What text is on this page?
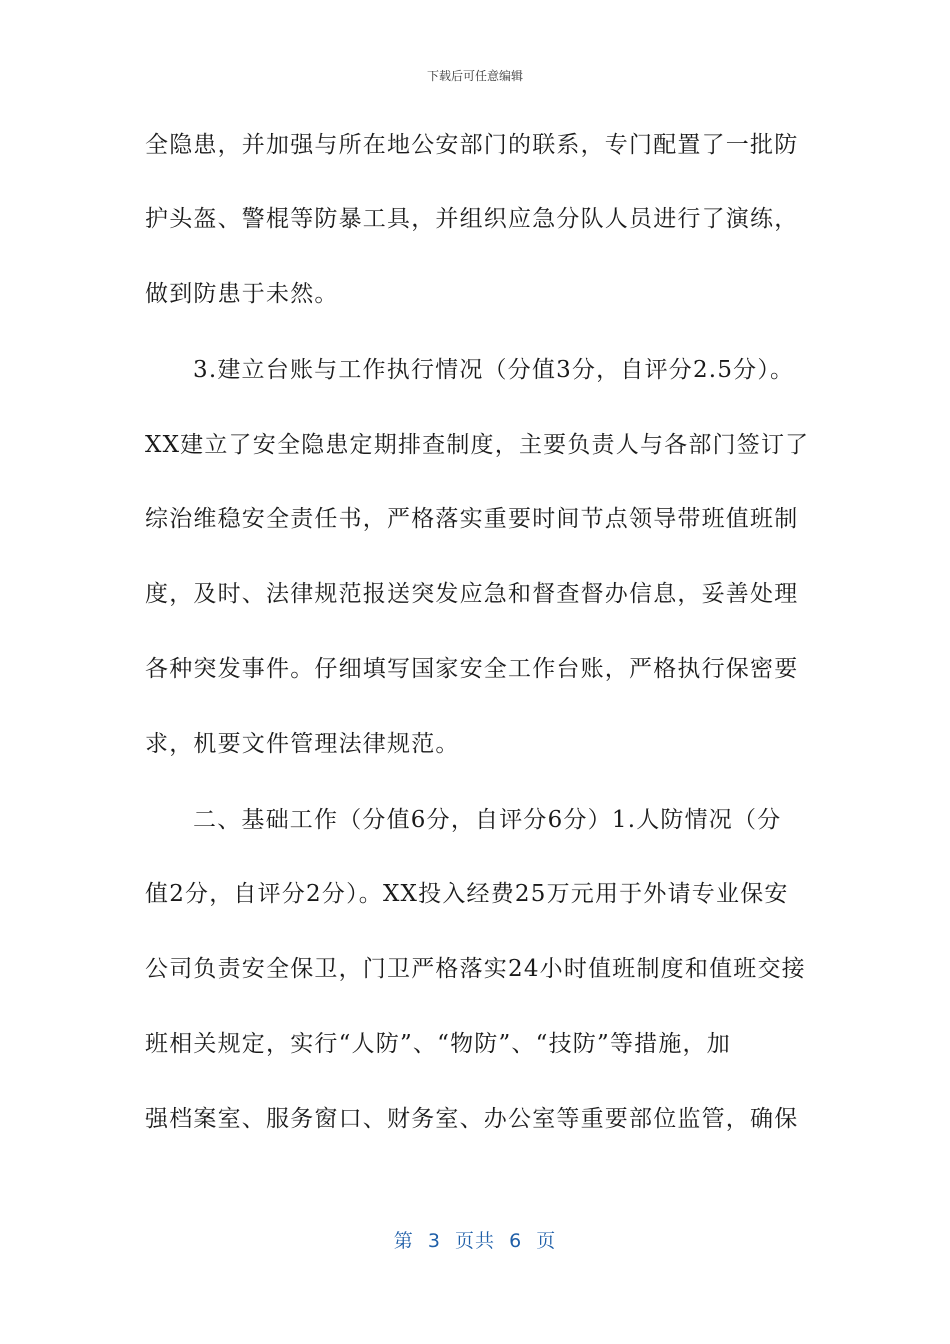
下载后可任意编辑
全隐患，并加强与所在地公安部门的联系，专门配置了一批防
护头盔、警棍等防暴工具，并组织应急分队人员进行了演练，
做到防患于未然。
3.建立台账与工作执行情况（分值3分，自评分2.5分）。
XX建立了安全隐患定期排查制度，主要负责人与各部门签订了
综治维稳安全责任书，严格落实重要时间节点领导带班值班制
度，及时、法律规范报送突发应急和督查督办信息，妥善处理
各种突发事件。仔细填写国家安全工作台账，严格执行保密要
求，机要文件管理法律规范。
二、基础工作（分值6分，自评分6分）1.人防情况（分
值2分，自评分2分）。XX投入经费25万元用于外请专业保安
公司负责安全保卫，门卫严格落实24小时值班制度和值班交接
班相关规定，实行“人防”、“物防”、“技防”等措施，加
强档案室、服务窗口、财务室、办公室等重要部位监管，确保
第  3  页共  6  页
